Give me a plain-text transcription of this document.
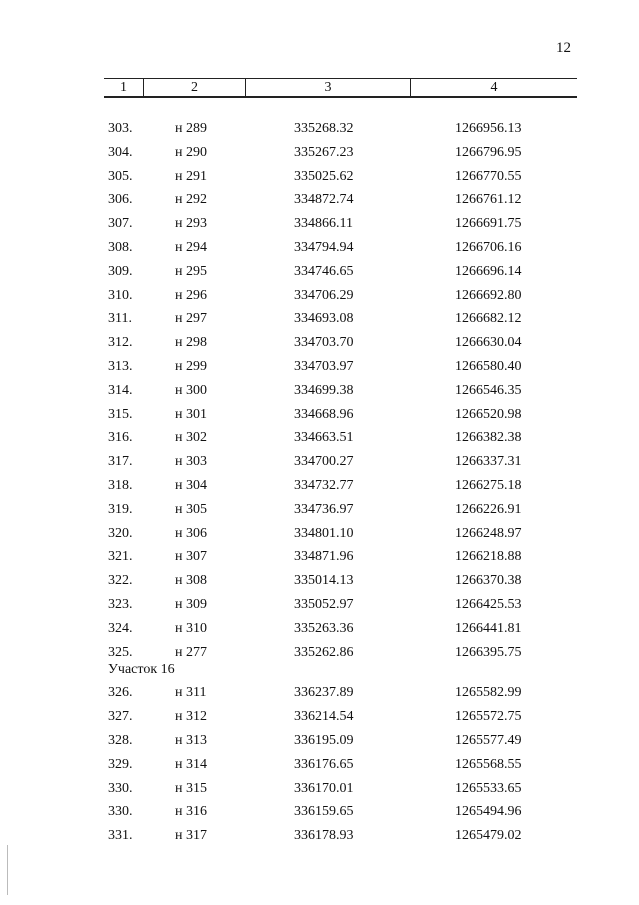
12
1	2	3	4
303.	н 289	335268.32	1266956.13
304.	н 290	335267.23	1266796.95
305.	н 291	335025.62	1266770.55
306.	н 292	334872.74	1266761.12
307.	н 293	334866.11	1266691.75
308.	н 294	334794.94	1266706.16
309.	н 295	334746.65	1266696.14
310.	н 296	334706.29	1266692.80
311.	н 297	334693.08	1266682.12
312.	н 298	334703.70	1266630.04
313.	н 299	334703.97	1266580.40
314.	н 300	334699.38	1266546.35
315.	н 301	334668.96	1266520.98
316.	н 302	334663.51	1266382.38
317.	н 303	334700.27	1266337.31
318.	н 304	334732.77	1266275.18
319.	н 305	334736.97	1266226.91
320.	н 306	334801.10	1266248.97
321.	н 307	334871.96	1266218.88
322.	н 308	335014.13	1266370.38
323.	н 309	335052.97	1266425.53
324.	н 310	335263.36	1266441.81
325.	н 277	335262.86	1266395.75
Участок 16
326.	н 311	336237.89	1265582.99
327.	н 312	336214.54	1265572.75
328.	н 313	336195.09	1265577.49
329.	н 314	336176.65	1265568.55
330.	н 315	336170.01	1265533.65
330.	н 316	336159.65	1265494.96
331.	н 317	336178.93	1265479.02
